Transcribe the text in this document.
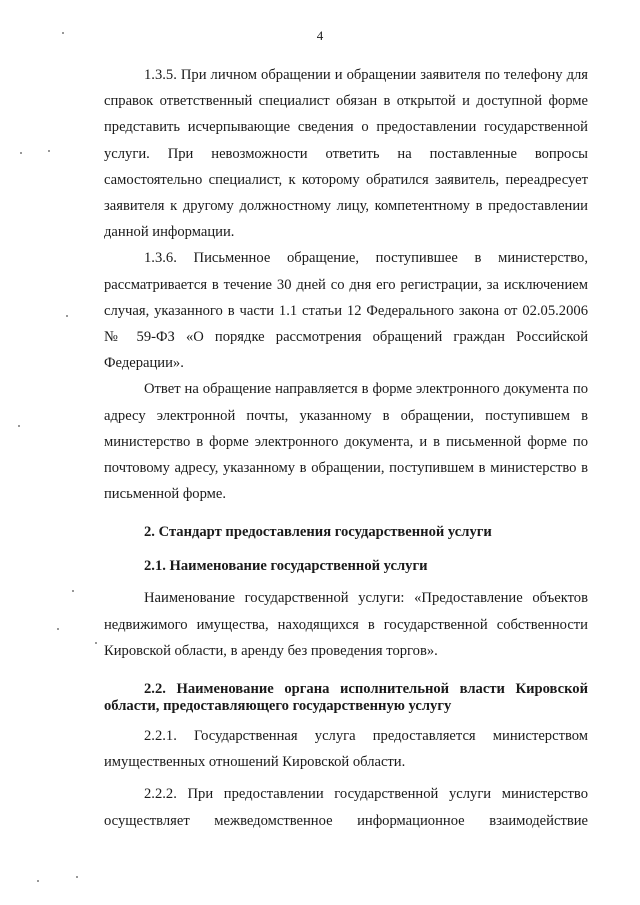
4

1.3.5. При личном обращении и обращении заявителя по телефону для справок ответственный специалист обязан в открытой и доступной форме представить исчерпывающие сведения о предоставлении государственной услуги. При невозможности ответить на поставленные вопросы самостоятельно специалист, к которому обратился заявитель, переадресует заявителя к другому должностному лицу, компетентному в предоставлении данной информации.

1.3.6. Письменное обращение, поступившее в министерство, рассматривается в течение 30 дней со дня его регистрации, за исключением случая, указанного в части 1.1 статьи 12 Федерального закона от 02.05.2006 № 59-ФЗ «О порядке рассмотрения обращений граждан Российской Федерации».

Ответ на обращение направляется в форме электронного документа по адресу электронной почты, указанному в обращении, поступившем в министерство в форме электронного документа, и в письменной форме по почтовому адресу, указанному в обращении, поступившем в министерство в письменной форме.

2. Стандарт предоставления государственной услуги

2.1. Наименование государственной услуги

Наименование государственной услуги: «Предоставление объектов недвижимого имущества, находящихся в государственной собственности Кировской области, в аренду без проведения торгов».

2.2. Наименование органа исполнительной власти Кировской области, предоставляющего государственную услугу

2.2.1. Государственная услуга предоставляется министерством имущественных отношений Кировской области.

2.2.2. При предоставлении государственной услуги министерство осуществляет межведомственное информационное взаимодействие
